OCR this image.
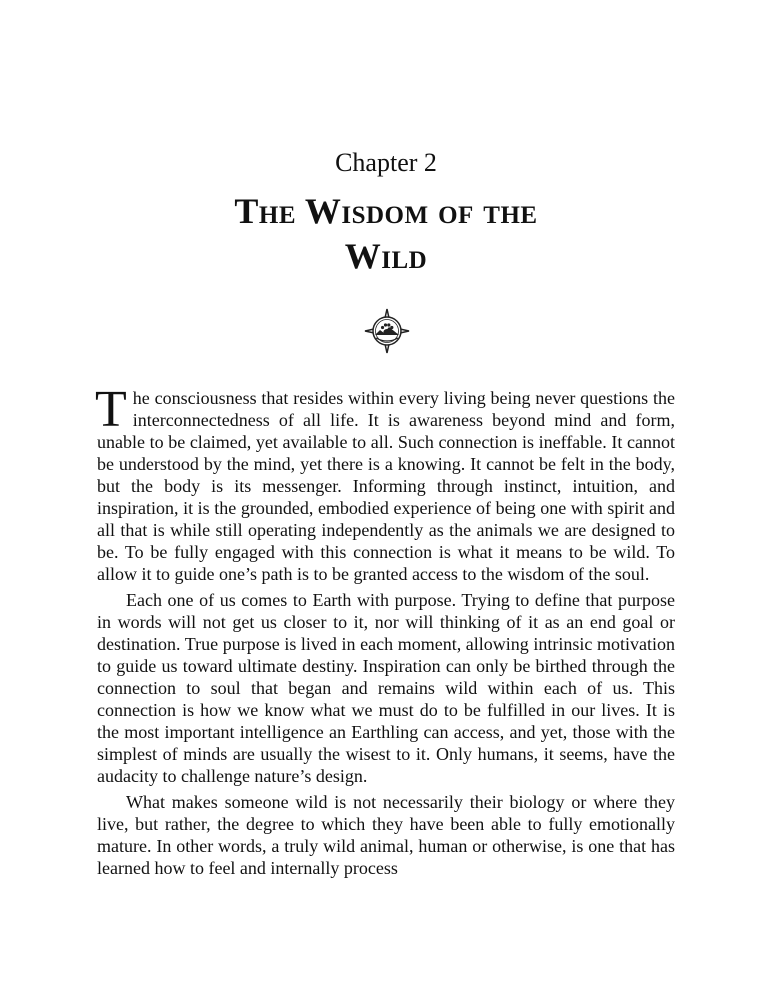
Chapter 2
The Wisdom of the
Wild

The consciousness that resides within every living being never questions the interconnectedness of all life. It is awareness beyond mind and form, unable to be claimed, yet available to all. Such connection is ineffable. It cannot be understood by the mind, yet there is a knowing. It cannot be felt in the body, but the body is its messenger. Informing through instinct, intuition, and inspiration, it is the grounded, embodied experience of being one with spirit and all that is while still operating independently as the animals we are designed to be. To be fully engaged with this connection is what it means to be wild. To allow it to guide one’s path is to be granted access to the wisdom of the soul.

Each one of us comes to Earth with purpose. Trying to define that purpose in words will not get us closer to it, nor will thinking of it as an end goal or destination. True purpose is lived in each moment, allowing intrinsic motivation to guide us toward ultimate destiny. Inspiration can only be birthed through the connection to soul that began and remains wild within each of us. This connection is how we know what we must do to be fulfilled in our lives. It is the most important intelligence an Earthling can access, and yet, those with the simplest of minds are usually the wisest to it. Only humans, it seems, have the audacity to challenge nature’s design.

What makes someone wild is not necessarily their biology or where they live, but rather, the degree to which they have been able to fully emotionally mature. In other words, a truly wild animal, human or otherwise, is one that has learned how to feel and internally process
